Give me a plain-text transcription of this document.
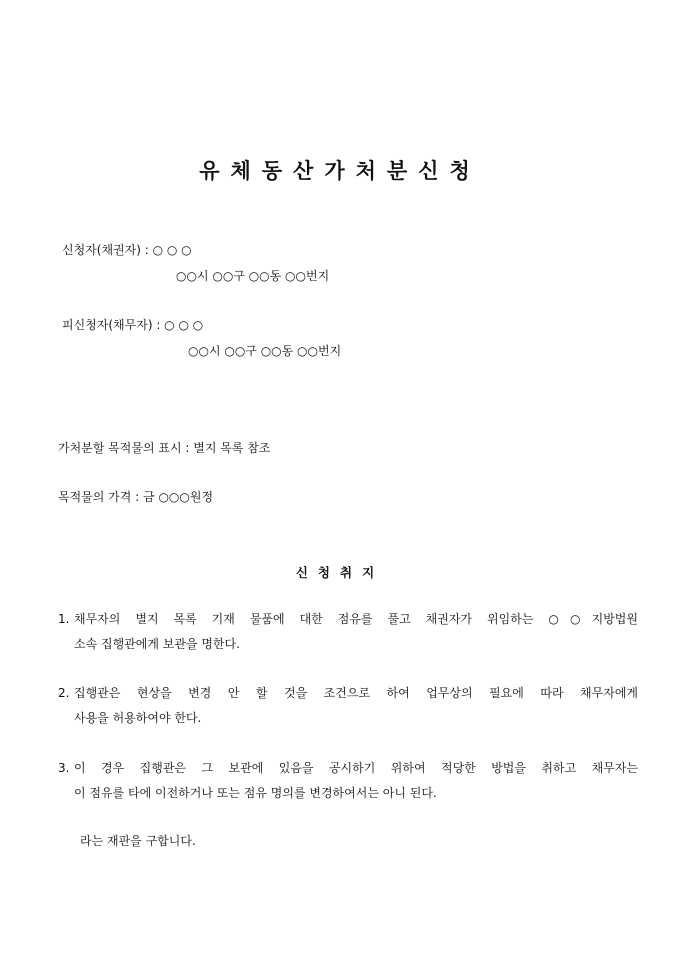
유체동산가처분신청
신청자(채권자) : ○ ○ ○
○○시 ○○구 ○○동 ○○번지
피신청자(채무자) : ○ ○ ○
○○시 ○○구 ○○동 ○○번지
가처분할 목적물의 표시 : 별지 목록 참조
목적물의 가격 : 금 ○○○원정
신청취지
1. 채무자의 별지 목록 기재 물품에 대한 점유를 풀고 채권자가 위임하는 ○○지방법원
소속 집행관에게 보관을 명한다.
2. 집행관은 현상을 변경 안 할 것을 조건으로 하여 업무상의 필요에 따라 채무자에게
사용을 허용하여야 한다.
3. 이 경우 집행관은 그 보관에 있음을 공시하기 위하여 적당한 방법을 취하고 채무자는
이 점유를 타에 이전하거나 또는 점유 명의를 변경하여서는 아니 된다.
라는 재판을 구합니다.
